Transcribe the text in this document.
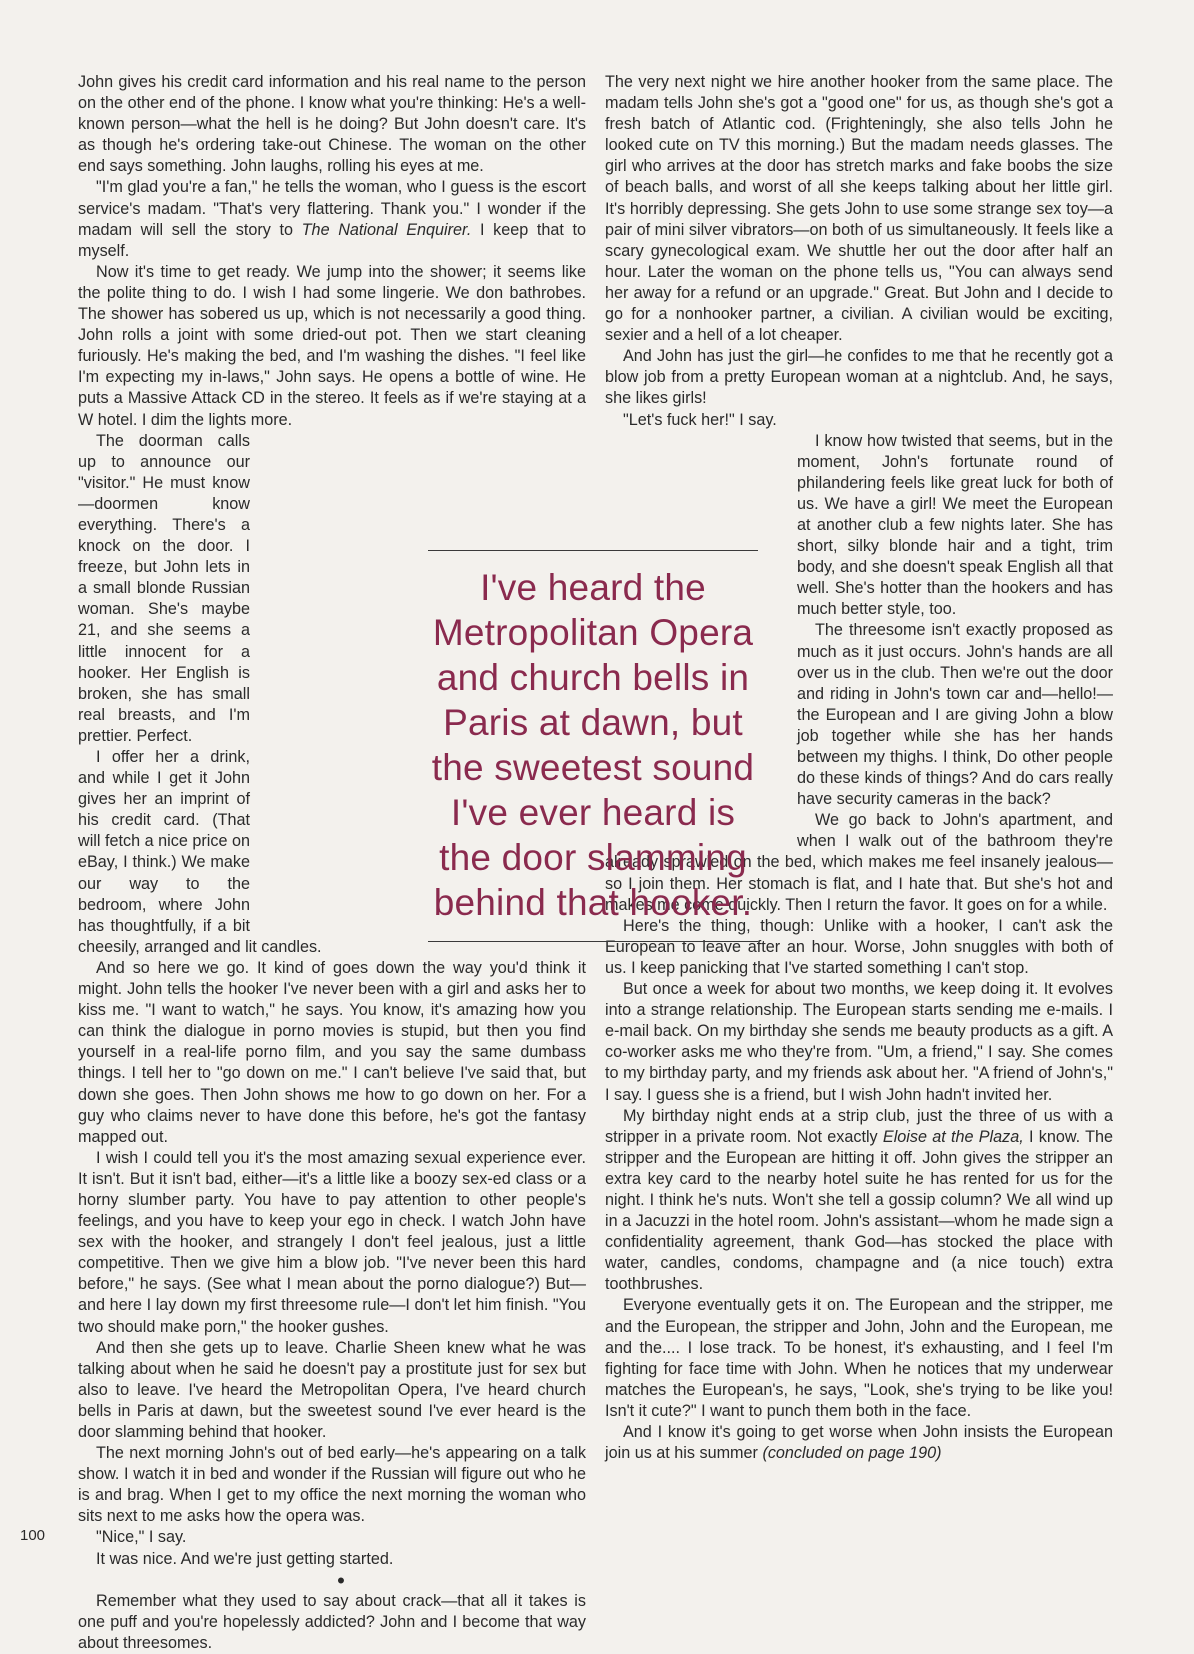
John gives his credit card information and his real name to the person on the other end of the phone. I know what you're thinking: He's a well-known person—what the hell is he doing? But John doesn't care. It's as though he's ordering take-out Chinese. The woman on the other end says something. John laughs, rolling his eyes at me.

"I'm glad you're a fan," he tells the woman, who I guess is the escort service's madam. "That's very flattering. Thank you." I wonder if the madam will sell the story to The National Enquirer. I keep that to myself.

Now it's time to get ready. We jump into the shower; it seems like the polite thing to do. I wish I had some lingerie. We don bathrobes. The shower has sobered us up, which is not necessarily a good thing. John rolls a joint with some dried-out pot. Then we start cleaning furiously. He's making the bed, and I'm washing the dishes. "I feel like I'm expecting my in-laws," John says. He opens a bottle of wine. He puts a Massive Attack CD in the stereo. It feels as if we're staying at a W hotel. I dim the lights more.

The doorman calls up to announce our "visitor." He must know—doormen know everything. There's a knock on the door. I freeze, but John lets in a small blonde Russian woman. She's maybe 21, and she seems a little innocent for a hooker. Her English is broken, she has small real breasts, and I'm prettier. Perfect.

I offer her a drink, and while I get it John gives her an imprint of his credit card. (That will fetch a nice price on eBay, I think.) We make our way to the bedroom, where John has thoughtfully, if a bit cheesily, arranged and lit candles.

And so here we go. It kind of goes down the way you'd think it might. John tells the hooker I've never been with a girl and asks her to kiss me. "I want to watch," he says. You know, it's amazing how you can think the dialogue in porno movies is stupid, but then you find yourself in a real-life porno film, and you say the same dumbass things. I tell her to "go down on me." I can't believe I've said that, but down she goes. Then John shows me how to go down on her. For a guy who claims never to have done this before, he's got the fantasy mapped out.

I wish I could tell you it's the most amazing sexual experience ever. It isn't. But it isn't bad, either—it's a little like a boozy sex-ed class or a horny slumber party. You have to pay attention to other people's feelings, and you have to keep your ego in check. I watch John have sex with the hooker, and strangely I don't feel jealous, just a little competitive. Then we give him a blow job. "I've never been this hard before," he says. (See what I mean about the porno dialogue?) But—and here I lay down my first threesome rule—I don't let him finish. "You two should make porn," the hooker gushes.

And then she gets up to leave. Charlie Sheen knew what he was talking about when he said he doesn't pay a prostitute just for sex but also to leave. I've heard the Metropolitan Opera, I've heard church bells in Paris at dawn, but the sweetest sound I've ever heard is the door slamming behind that hooker.

The next morning John's out of bed early—he's appearing on a talk show. I watch it in bed and wonder if the Russian will figure out who he is and brag. When I get to my office the next morning the woman who sits next to me asks how the opera was.

"Nice," I say.

It was nice. And we're just getting started.

•

Remember what they used to say about crack—that all it takes is one puff and you're hopelessly addicted? John and I become that way about threesomes.

The very next night we hire another hooker from the same place. The madam tells John she's got a "good one" for us, as though she's got a fresh batch of Atlantic cod. (Frighteningly, she also tells John he looked cute on TV this morning.) But the madam needs glasses. The girl who arrives at the door has stretch marks and fake boobs the size of beach balls, and worst of all she keeps talking about her little girl. It's horribly depressing. She gets John to use some strange sex toy—a pair of mini silver vibrators—on both of us simultaneously. It feels like a scary gynecological exam. We shuttle her out the door after half an hour. Later the woman on the phone tells us, "You can always send her away for a refund or an upgrade." Great. But John and I decide to go for a nonhooker partner, a civilian. A civilian would be exciting, sexier and a hell of a lot cheaper.

And John has just the girl—he confides to me that he recently got a blow job from a pretty European woman at a nightclub. And, he says, she likes girls!

"Let's fuck her!" I say.

I know how twisted that seems, but in the moment, John's fortunate round of philandering feels like great luck for both of us. We have a girl! We meet the European at another club a few nights later. She has short, silky blonde hair and a tight, trim body, and she doesn't speak English all that well. She's hotter than the hookers and has much better style, too.

The threesome isn't exactly proposed as much as it just occurs. John's hands are all over us in the club. Then we're out the door and riding in John's town car and—hello!—the European and I are giving John a blow job together while she has her hands between my thighs. I think, Do other people do these kinds of things? And do cars really have security cameras in the back?

We go back to John's apartment, and when I walk out of the bathroom they're already sprawled on the bed, which makes me feel insanely jealous—so I join them. Her stomach is flat, and I hate that. But she's hot and makes me come quickly. Then I return the favor. It goes on for a while.

Here's the thing, though: Unlike with a hooker, I can't ask the European to leave after an hour. Worse, John snuggles with both of us. I keep panicking that I've started something I can't stop.

But once a week for about two months, we keep doing it. It evolves into a strange relationship. The European starts sending me e-mails. I e-mail back. On my birthday she sends me beauty products as a gift. A co-worker asks me who they're from. "Um, a friend," I say. She comes to my birthday party, and my friends ask about her. "A friend of John's," I say. I guess she is a friend, but I wish John hadn't invited her.

My birthday night ends at a strip club, just the three of us with a stripper in a private room. Not exactly Eloise at the Plaza, I know. The stripper and the European are hitting it off. John gives the stripper an extra key card to the nearby hotel suite he has rented for us for the night. I think he's nuts. Won't she tell a gossip column? We all wind up in a Jacuzzi in the hotel room. John's assistant—whom he made sign a confidentiality agreement, thank God—has stocked the place with water, candles, condoms, champagne and (a nice touch) extra toothbrushes.

Everyone eventually gets it on. The European and the stripper, me and the European, the stripper and John, John and the European, me and the.... I lose track. To be honest, it's exhausting, and I feel I'm fighting for face time with John. When he notices that my underwear matches the European's, he says, "Look, she's trying to be like you! Isn't it cute?" I want to punch them both in the face.

And I know it's going to get worse when John insists the European join us at his summer (concluded on page 190)

I've heard the Metropolitan Opera and church bells in Paris at dawn, but the sweetest sound I've ever heard is the door slamming behind that hooker.
100
